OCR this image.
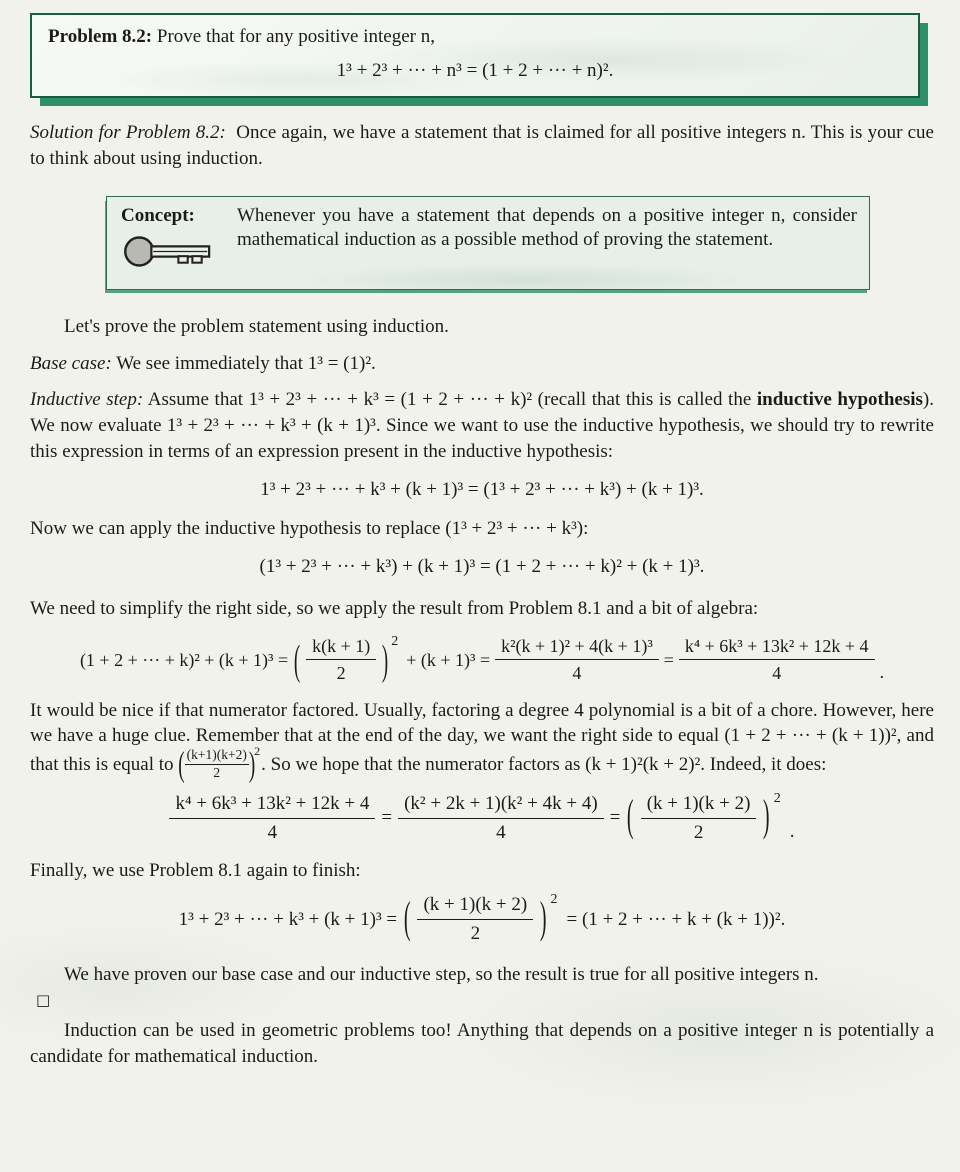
Problem 8.2: Prove that for any positive integer n,
1³ + 2³ + ··· + n³ = (1 + 2 + ··· + n)².

Solution for Problem 8.2: Once again, we have a statement that is claimed for all positive integers n. This is your cue to think about using induction.

Concept:	Whenever you have a statement that depends on a positive integer n, consider mathematical induction as a possible method of proving the statement.

Let's prove the problem statement using induction.

Base case: We see immediately that 1³ = (1)².

Inductive step: Assume that 1³ + 2³ + ··· + k³ = (1 + 2 + ··· + k)² (recall that this is called the inductive hypothesis). We now evaluate 1³ + 2³ + ··· + k³ + (k + 1)³. Since we want to use the inductive hypothesis, we should try to rewrite this expression in terms of an expression present in the inductive hypothesis:

1³ + 2³ + ··· + k³ + (k + 1)³ = (1³ + 2³ + ··· + k³) + (k + 1)³.

Now we can apply the inductive hypothesis to replace (1³ + 2³ + ··· + k³):

(1³ + 2³ + ··· + k³) + (k + 1)³ = (1 + 2 + ··· + k)² + (k + 1)³.

We need to simplify the right side, so we apply the result from Problem 8.1 and a bit of algebra:

(1 + 2 + ··· + k)² + (k + 1)³ = ( $\frac{k(k + 1)}{2}$ ) 2
+ $(k + 1)^3 = \frac{\text{k²(k + 1)² + 4(k + 1)³}}{4} = \frac{\text{k⁴ + 6k³ + 13k² + 12k + 4}}{4}$ .

It would be nice if that numerator factored. Usually, factoring a degree 4 polynomial is a bit of a chore. However, here we have a huge clue. Remember that at the end of the day, we want the right side to equal (1 + 2 + ··· + (k + 1))², and that this is equal to ( $\frac{(k+1)(k+2)}{2} )^2$. So we hope that the numerator factors as (k + 1)²(k + 2)². Indeed, it does:

$\frac{\text{k⁴ + 6k³ + 13k² + 12k + 4}}{4} = \frac{\text{(k² + 2k + 1)(k² + 4k + 4)}}{4}$ = ( $\frac{(k + 1)(k + 2)}{2}$ ) 2
.

Finally, we use Problem 8.1 again to finish:

1³ + 2³ + ··· + k³ + (k + 1)³ = ( $\frac{(k + 1)(k + 2)}{2}$ ) 2
= (1 + 2 + ··· + k + (k + 1))².

We have proven our base case and our inductive step, so the result is true for all positive integers n.

□

Induction can be used in geometric problems too! Anything that depends on a positive integer n is potentially a candidate for mathematical induction.
